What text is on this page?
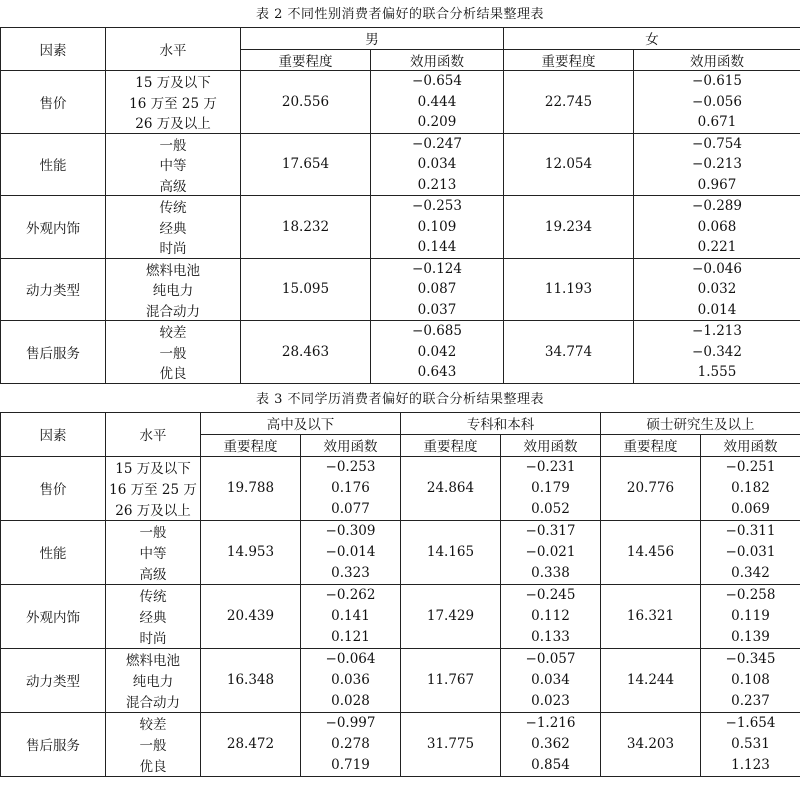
表 2 不同性别消费者偏好的联合分析结果整理表
因素	水平	男		女	
		重要程度	效用函数	重要程度	效用函数
售价	15 万及以下	20.556	−0.654	22.745	−0.615
	16 万至 25 万		0.444		−0.056
	26 万及以上		0.209		0.671
性能	一般	17.654	−0.247	12.054	−0.754
	中等		0.034		−0.213
	高级		0.213		0.967
外观内饰	传统	18.232	−0.253	19.234	−0.289
	经典		0.109		0.068
	时尚		0.144		0.221
动力类型	燃料电池	15.095	−0.124	11.193	−0.046
	纯电力		0.087		0.032
	混合动力		0.037		0.014
售后服务	较差	28.463	−0.685	34.774	−1.213
	一般		0.042		−0.342
	优良		0.643		1.555
表 3 不同学历消费者偏好的联合分析结果整理表
因素	水平	高中及以下		专科和本科		硕士研究生及以上	
		重要程度	效用函数	重要程度	效用函数	重要程度	效用函数
售价	15 万及以下	19.788	−0.253	24.864	−0.231	20.776	−0.251
	16 万至 25 万		0.176		0.179		0.182
	26 万及以上		0.077		0.052		0.069
性能	一般	14.953	−0.309	14.165	−0.317	14.456	−0.311
	中等		−0.014		−0.021		−0.031
	高级		0.323		0.338		0.342
外观内饰	传统	20.439	−0.262	17.429	−0.245	16.321	−0.258
	经典		0.141		0.112		0.119
	时尚		0.121		0.133		0.139
动力类型	燃料电池	16.348	−0.064	11.767	−0.057	14.244	−0.345
	纯电力		0.036		0.034		0.108
	混合动力		0.028		0.023		0.237
售后服务	较差	28.472	−0.997	31.775	−1.216	34.203	−1.654
	一般		0.278		0.362		0.531
	优良		0.719		0.854		1.123
